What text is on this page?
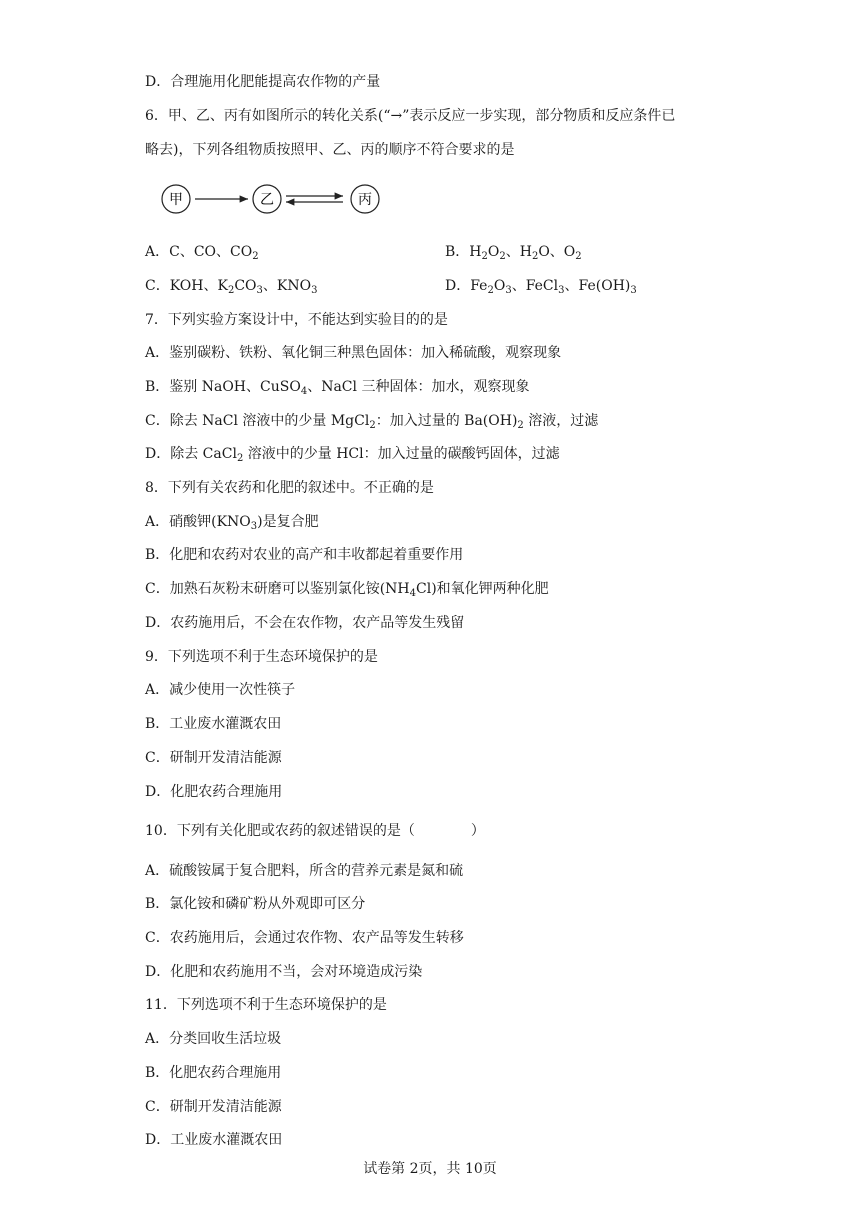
D．合理施用化肥能提高农作物的产量
6．甲、乙、丙有如图所示的转化关系(“→”表示反应一步实现，部分物质和反应条件已
略去)，下列各组物质按照甲、乙、丙的顺序不符合要求的是
甲	乙	丙
A．C、CO、$CO_2$	B．$H_2O_2$、$H_2O$、$O_2$
C．KOH、$K_2CO_3$、$KNO_3$	D．$Fe_2O_3$、FeCl$_3$、$Fe(OH)_3$
7．下列实验方案设计中，不能达到实验目的的是
A．鉴别碳粉、铁粉、氧化铜三种黑色固体：加入稀硫酸，观察现象
B．鉴别 NaOH、CuSO$_4$、NaCl 三种固体：加水，观察现象
C．除去 NaCl 溶液中的少量 MgCl$_2$：加入过量的 $Ba(OH)_2$ 溶液，过滤
D．除去 CaCl$_2$ 溶液中的少量 HCl：加入过量的碳酸钙固体，过滤
8．下列有关农药和化肥的叙述中。不正确的是
A．硝酸钾$(KNO_3)$是复合肥
B．化肥和农药对农业的高产和丰收都起着重要作用
C．加熟石灰粉末研磨可以鉴别氯化铵$(NH_4Cl)$和氧化钾两种化肥
D．农药施用后，不会在农作物，农产品等发生残留
9．下列选项不利于生态环境保护的是
A．减少使用一次性筷子
B．工业废水灌溉农田
C．研制开发清洁能源
D．化肥农药合理施用
10．下列有关化肥或农药的叙述错误的是（　　　　）
A．硫酸铵属于复合肥料，所含的营养元素是氮和硫
B．氯化铵和磷矿粉从外观即可区分
C．农药施用后，会通过农作物、农产品等发生转移
D．化肥和农药施用不当，会对环境造成污染
11．下列选项不利于生态环境保护的是
A．分类回收生活垃圾
B．化肥农药合理施用
C．研制开发清洁能源
D．工业废水灌溉农田
试卷第 2页，共 10页
